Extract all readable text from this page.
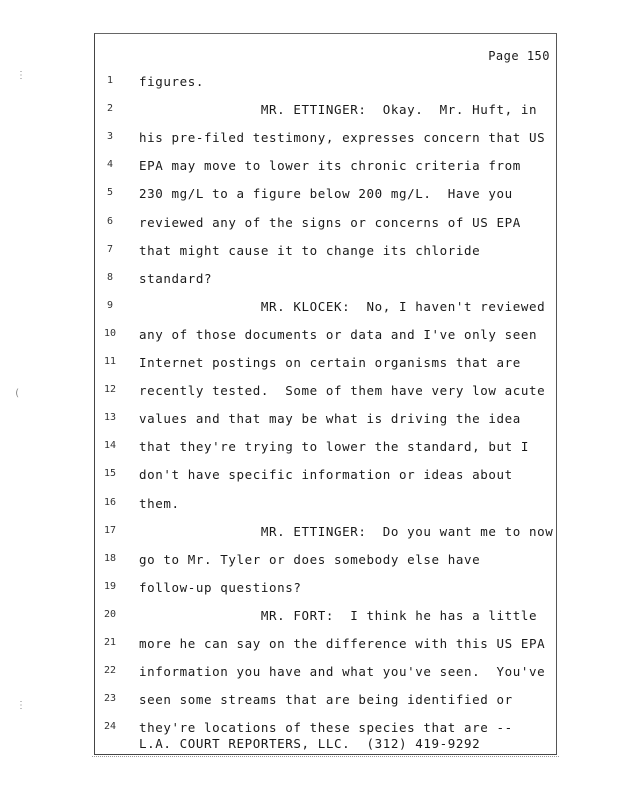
Page 150
1	figures.
2	MR. ETTINGER:  Okay.  Mr. Huft, in
3	his pre-filed testimony, expresses concern that US
4	EPA may move to lower its chronic criteria from
5	230 mg/L to a figure below 200 mg/L.  Have you
6	reviewed any of the signs or concerns of US EPA
7	that might cause it to change its chloride
8	standard?
9	MR. KLOCEK:  No, I haven't reviewed
10	any of those documents or data and I've only seen
11	Internet postings on certain organisms that are
12	recently tested.  Some of them have very low acute
13	values and that may be what is driving the idea
14	that they're trying to lower the standard, but I
15	don't have specific information or ideas about
16	them.
17	MR. ETTINGER:  Do you want me to now
18	go to Mr. Tyler or does somebody else have
19	follow-up questions?
20	MR. FORT:  I think he has a little
21	more he can say on the difference with this US EPA
22	information you have and what you've seen.  You've
23	seen some streams that are being identified or
24	they're locations of these species that are --
L.A. COURT REPORTERS, LLC.  (312) 419-9292
⋮
(
⋮
